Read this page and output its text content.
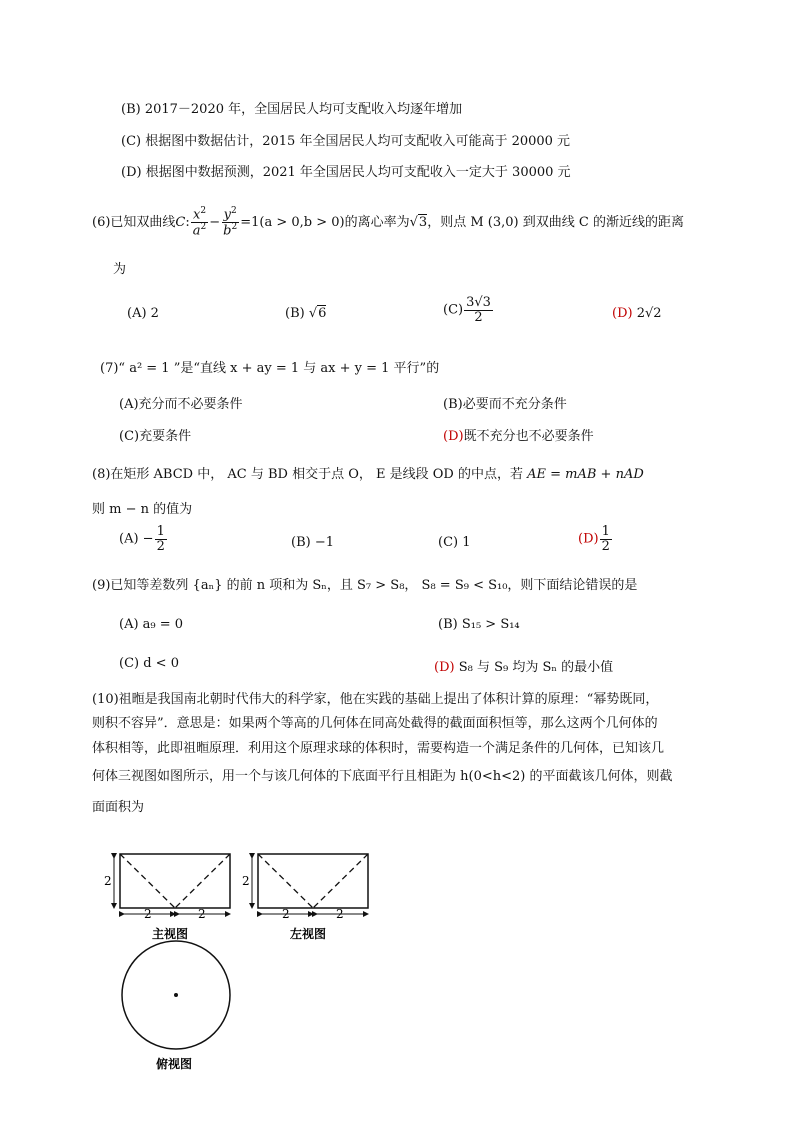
(B) 2017－2020 年，全国居民人均可支配收入均逐年增加
(C) 根据图中数据估计，2015 年全国居民人均可支配收入可能高于 20000 元
(D) 根据图中数据预测，2021 年全国居民人均可支配收入一定大于 30000 元
(6)已知双曲线C: $\frac{x^2}{a^2} - \frac{y^2}{b^2} =1(a > 0,b > 0)$的离心率为√3，则点 M (3,0) 到双曲线 C 的渐近线的距离
为
(A) 2	(B) √6	$(C) \frac{3√3}{2}$	(D) 2√2
(7)“ a² = 1 ”是“直线 x + ay = 1 与 ax + y = 1 平行”的
(A)充分而不必要条件	(B)必要而不充分条件
(C)充要条件	(D)既不充分也不必要条件
(8)在矩形 ABCD 中， AC 与 BD 相交于点 O， E 是线段 OD 的中点，若 AE = mAB + nAD
则 m − n 的值为
$(A) - \frac{1}{2}$	(B) −1	(C) 1	$(D) \frac{1}{2}$
(9)已知等差数列 {aₙ} 的前 n 项和为 Sₙ，且 S₇ > S₈， S₈ = S₉ < S₁₀，则下面结论错误的是
(A) a₉ = 0	(B) S₁₅ > S₁₄
(C) d < 0	(D) S₈ 与 S₉ 均为 Sₙ 的最小值
(10)祖暅是我国南北朝时代伟大的科学家，他在实践的基础上提出了体积计算的原理：“幂势既同，
则积不容异”．意思是：如果两个等高的几何体在同高处截得的截面面积恒等，那么这两个几何体的
体积相等，此即祖暅原理．利用这个原理求球的体积时，需要构造一个满足条件的几何体，已知该几
何体三视图如图所示，用一个与该几何体的下底面平行且相距为 h(0<h<2) 的平面截该几何体，则截
面面积为
2
2	2
主视图
2
2	2
左视图
俯视图
